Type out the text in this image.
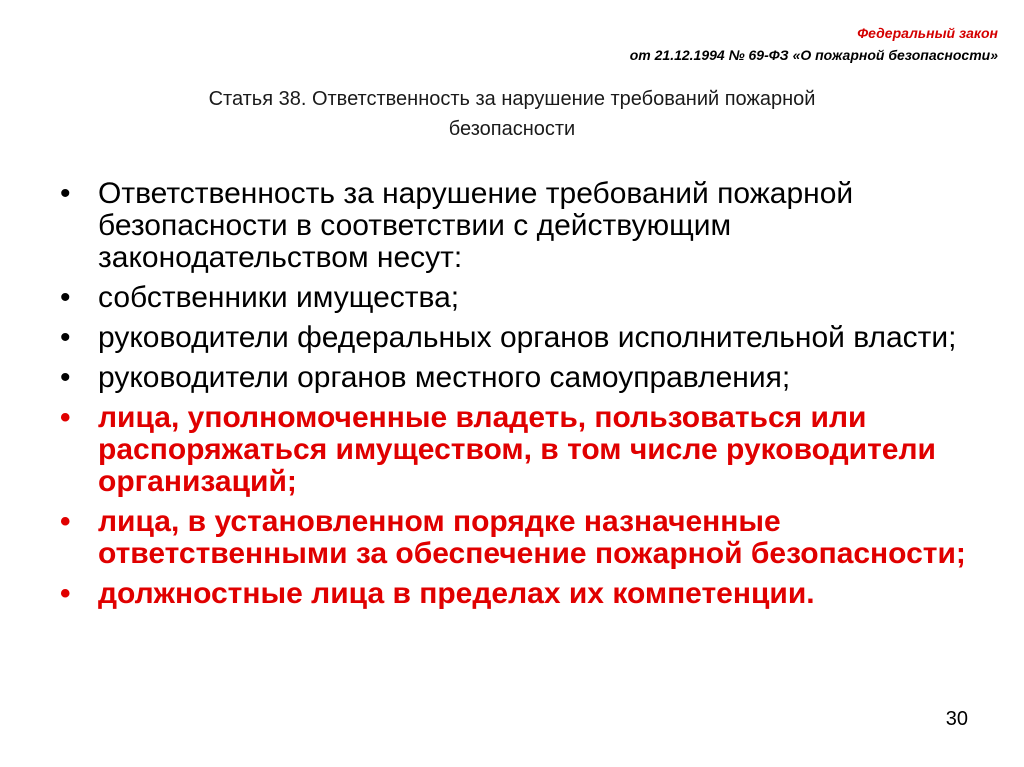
Федеральный закон
от 21.12.1994 № 69-ФЗ «О пожарной безопасности»
Статья 38. Ответственность за нарушение требований пожарной
безопасности
• Ответственность за нарушение требований пожарной безопасности в соответствии с действующим законодательством несут:
• собственники имущества;
• руководители федеральных органов исполнительной власти;
• руководители органов местного самоуправления;
• лица, уполномоченные владеть, пользоваться или распоряжаться имуществом, в том числе руководители организаций;
• лица, в установленном порядке назначенные ответственными за обеспечение пожарной безопасности;
• должностные лица в пределах их компетенции.
30
